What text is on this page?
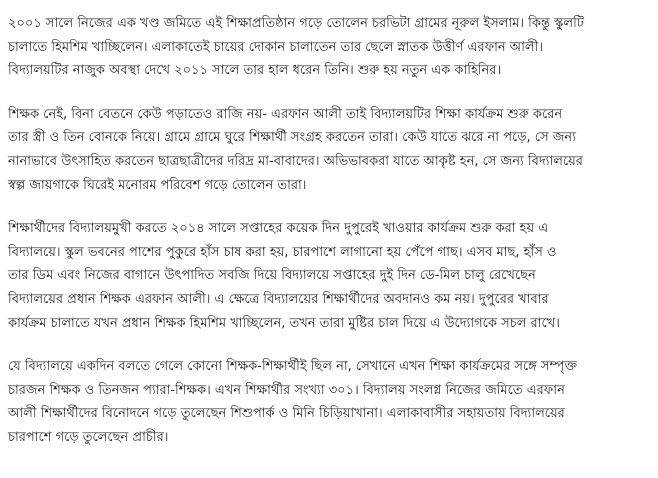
২০০১ সালে নিজের এক খণ্ড জমিতে এই শিক্ষাপ্রতিষ্ঠান গড়ে তোলেন চরভিটা গ্রামের নূরুল ইসলাম। কিন্তু স্কুলটি
চালাতে হিমশিম খাচ্ছিলেন। এলাকাতেই চায়ের দোকান চালাতেন তার ছেলে স্নাতক উত্তীর্ণ এরফান আলী।
বিদ্যালয়টির নাজুক অবস্থা দেখে ২০১১ সালে তার হাল ধরেন তিনি। শুরু হয় নতুন এক কাহিনির।
শিক্ষক নেই, বিনা বেতনে কেউ পড়াতেও রাজি নয়- এরফান আলী তাই বিদ্যালয়টির শিক্ষা কার্যক্রম শুরু করেন
তার স্ত্রী ও তিন বোনকে নিয়ে। গ্রামে গ্রামে ঘুরে শিক্ষার্থী সংগ্রহ করতেন তারা। কেউ যাতে ঝরে না পড়ে, সে জন্য
নানাভাবে উৎসাহিত করতেন ছাত্রছাত্রীদের দরিদ্র মা-বাবাদের। অভিভাবকরা যাতে আকৃষ্ট হন, সে জন্য বিদ্যালয়ের
স্বল্প জায়গাকে ঘিরেই মনোরম পরিবেশ গড়ে তোলেন তারা।
শিক্ষার্থীদের বিদ্যালয়মুখী করতে ২০১৪ সালে সপ্তাহের কয়েক দিন দুপুরেই খাওয়ার কার্যক্রম শুরু করা হয় এ
বিদ্যালয়ে। স্কুল ভবনের পাশের পুকুরে হাঁস চাষ করা হয়, চারপাশে লাগানো হয় পেঁপে গাছ। এসব মাছ, হাঁস ও
তার ডিম এবং নিজের বাগানে উৎপাদিত সবজি দিয়ে বিদ্যালয়ে সপ্তাহের দুই দিন ডে-মিল চালু রেখেছেন
বিদ্যালয়ের প্রধান শিক্ষক এরফান আলী। এ ক্ষেত্রে বিদ্যালয়ের শিক্ষার্থীদের অবদানও কম নয়। দুপুরের খাবার
কার্যক্রম চালাতে যখন প্রধান শিক্ষক হিমশিম খাচ্ছিলেন, তখন তারা মুষ্টির চাল দিয়ে এ উদ্যোগকে সচল রাখে।
যে বিদ্যালয়ে একদিন বলতে গেলে কোনো শিক্ষক-শিক্ষার্থীই ছিল না, সেখানে এখন শিক্ষা কার্যক্রমের সঙ্গে সম্পৃক্ত
চারজন শিক্ষক ও তিনজন প্যারা-শিক্ষক। এখন শিক্ষার্থীর সংখ্যা ৩০১। বিদ্যালয় সংলগ্ন নিজের জমিতে এরফান
আলী শিক্ষার্থীদের বিনোদনে গড়ে তুলেছেন শিশুপার্ক ও মিনি চিড়িয়াখানা। এলাকাবাসীর সহায়তায় বিদ্যালয়ের
চারপাশে গড়ে তুলেছেন প্রাচীর।
